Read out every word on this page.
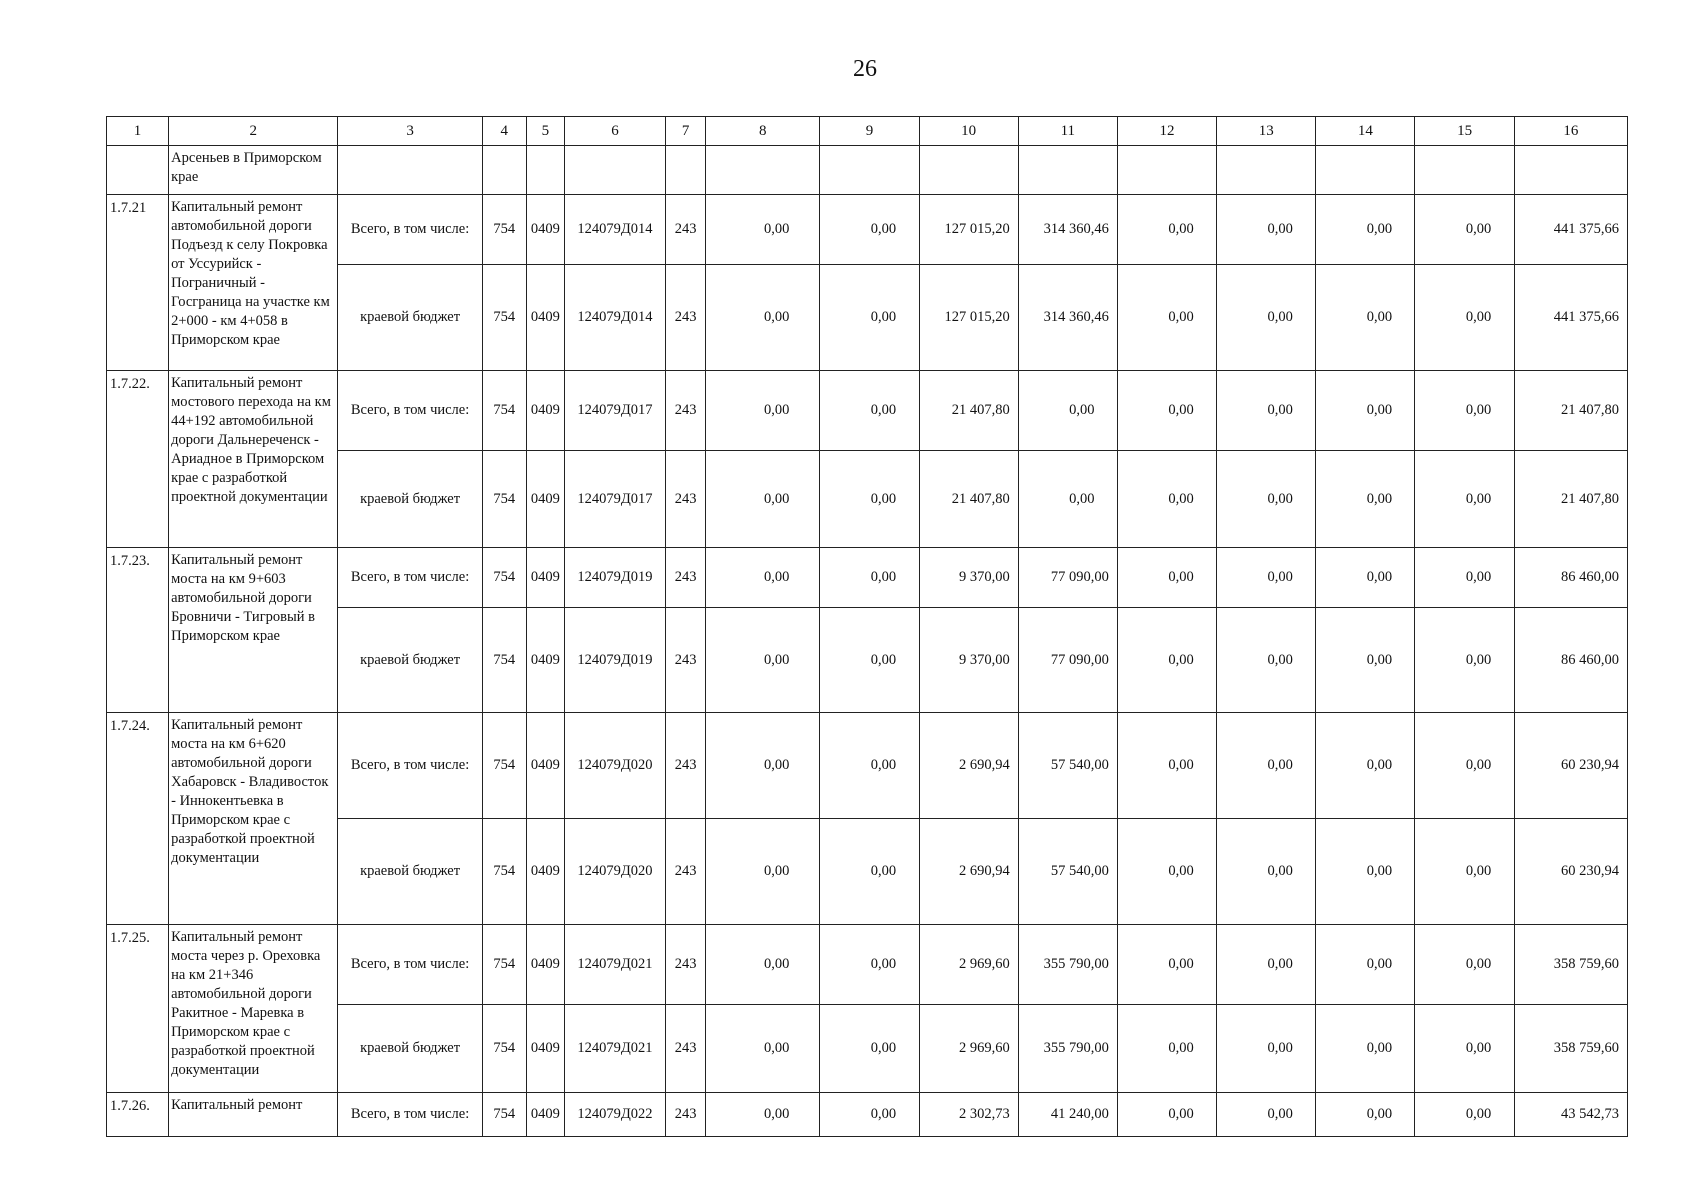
26
1	2	3	4	5	6	7	8	9	10	11	12	13	14	15	16
	Арсеньев в Приморском крае														
1.7.21	Капитальный ремонт автомобильной дороги Подъезд к селу Покровка от Уссурийск - Пограничный - Госграница на участке км 2+000 - км 4+058 в Приморском крае	Всего, в том числе:	754	0409	124079Д014	243	0,00	0,00	127 015,20	314 360,46	0,00	0,00	0,00	0,00	441 375,66
		краевой бюджет	754	0409	124079Д014	243	0,00	0,00	127 015,20	314 360,46	0,00	0,00	0,00	0,00	441 375,66
1.7.22.	Капитальный ремонт мостового перехода на км 44+192 автомобильной дороги Дальнереченск - Ариадное в Приморском крае с разработкой проектной документации	Всего, в том числе:	754	0409	124079Д017	243	0,00	0,00	21 407,80	0,00	0,00	0,00	0,00	0,00	21 407,80
		краевой бюджет	754	0409	124079Д017	243	0,00	0,00	21 407,80	0,00	0,00	0,00	0,00	0,00	21 407,80
1.7.23.	Капитальный ремонт моста на км 9+603 автомобильной дороги Бровничи - Тигровый в Приморском крае	Всего, в том числе:	754	0409	124079Д019	243	0,00	0,00	9 370,00	77 090,00	0,00	0,00	0,00	0,00	86 460,00
		краевой бюджет	754	0409	124079Д019	243	0,00	0,00	9 370,00	77 090,00	0,00	0,00	0,00	0,00	86 460,00
1.7.24.	Капитальный ремонт моста на км 6+620 автомобильной дороги Хабаровск - Владивосток - Иннокентьевка в Приморском крае с разработкой проектной документации	Всего, в том числе:	754	0409	124079Д020	243	0,00	0,00	2 690,94	57 540,00	0,00	0,00	0,00	0,00	60 230,94
		краевой бюджет	754	0409	124079Д020	243	0,00	0,00	2 690,94	57 540,00	0,00	0,00	0,00	0,00	60 230,94
1.7.25.	Капитальный ремонт моста через р. Ореховка на км 21+346 автомобильной дороги Ракитное - Маревка в Приморском крае с разработкой проектной документации	Всего, в том числе:	754	0409	124079Д021	243	0,00	0,00	2 969,60	355 790,00	0,00	0,00	0,00	0,00	358 759,60
		краевой бюджет	754	0409	124079Д021	243	0,00	0,00	2 969,60	355 790,00	0,00	0,00	0,00	0,00	358 759,60
1.7.26.	Капитальный ремонт	Всего, в том числе:	754	0409	124079Д022	243	0,00	0,00	2 302,73	41 240,00	0,00	0,00	0,00	0,00	43 542,73
